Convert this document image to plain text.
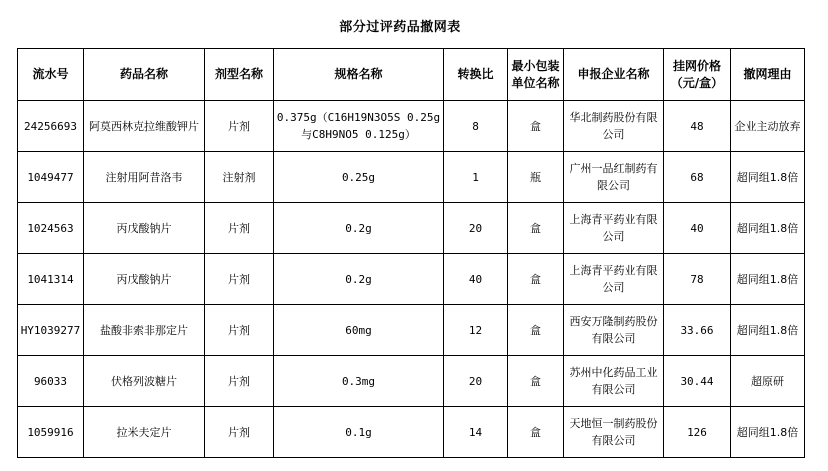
部分过评药品撤网表
流水号	药品名称	剂型名称	规格名称	转换比	最小包装单位名称	申报企业名称	挂网价格（元/盒）	撤网理由
24256693	阿莫西林克拉维酸钾片	片剂	0.375g（C16H19N3O5S 0.25g与C8H9NO5 0.125g）	8	盒	华北制药股份有限公司	48	企业主动放弃
1049477	注射用阿昔洛韦	注射剂	0.25g	1	瓶	广州一品红制药有限公司	68	超同组1.8倍
1024563	丙戊酸钠片	片剂	0.2g	20	盒	上海青平药业有限公司	40	超同组1.8倍
1041314	丙戊酸钠片	片剂	0.2g	40	盒	上海青平药业有限公司	78	超同组1.8倍
HY1039277	盐酸非索非那定片	片剂	60mg	12	盒	西安万隆制药股份有限公司	33.66	超同组1.8倍
96033	伏格列波糖片	片剂	0.3mg	20	盒	苏州中化药品工业有限公司	30.44	超原研
1059916	拉米夫定片	片剂	0.1g	14	盒	天地恒一制药股份有限公司	126	超同组1.8倍
